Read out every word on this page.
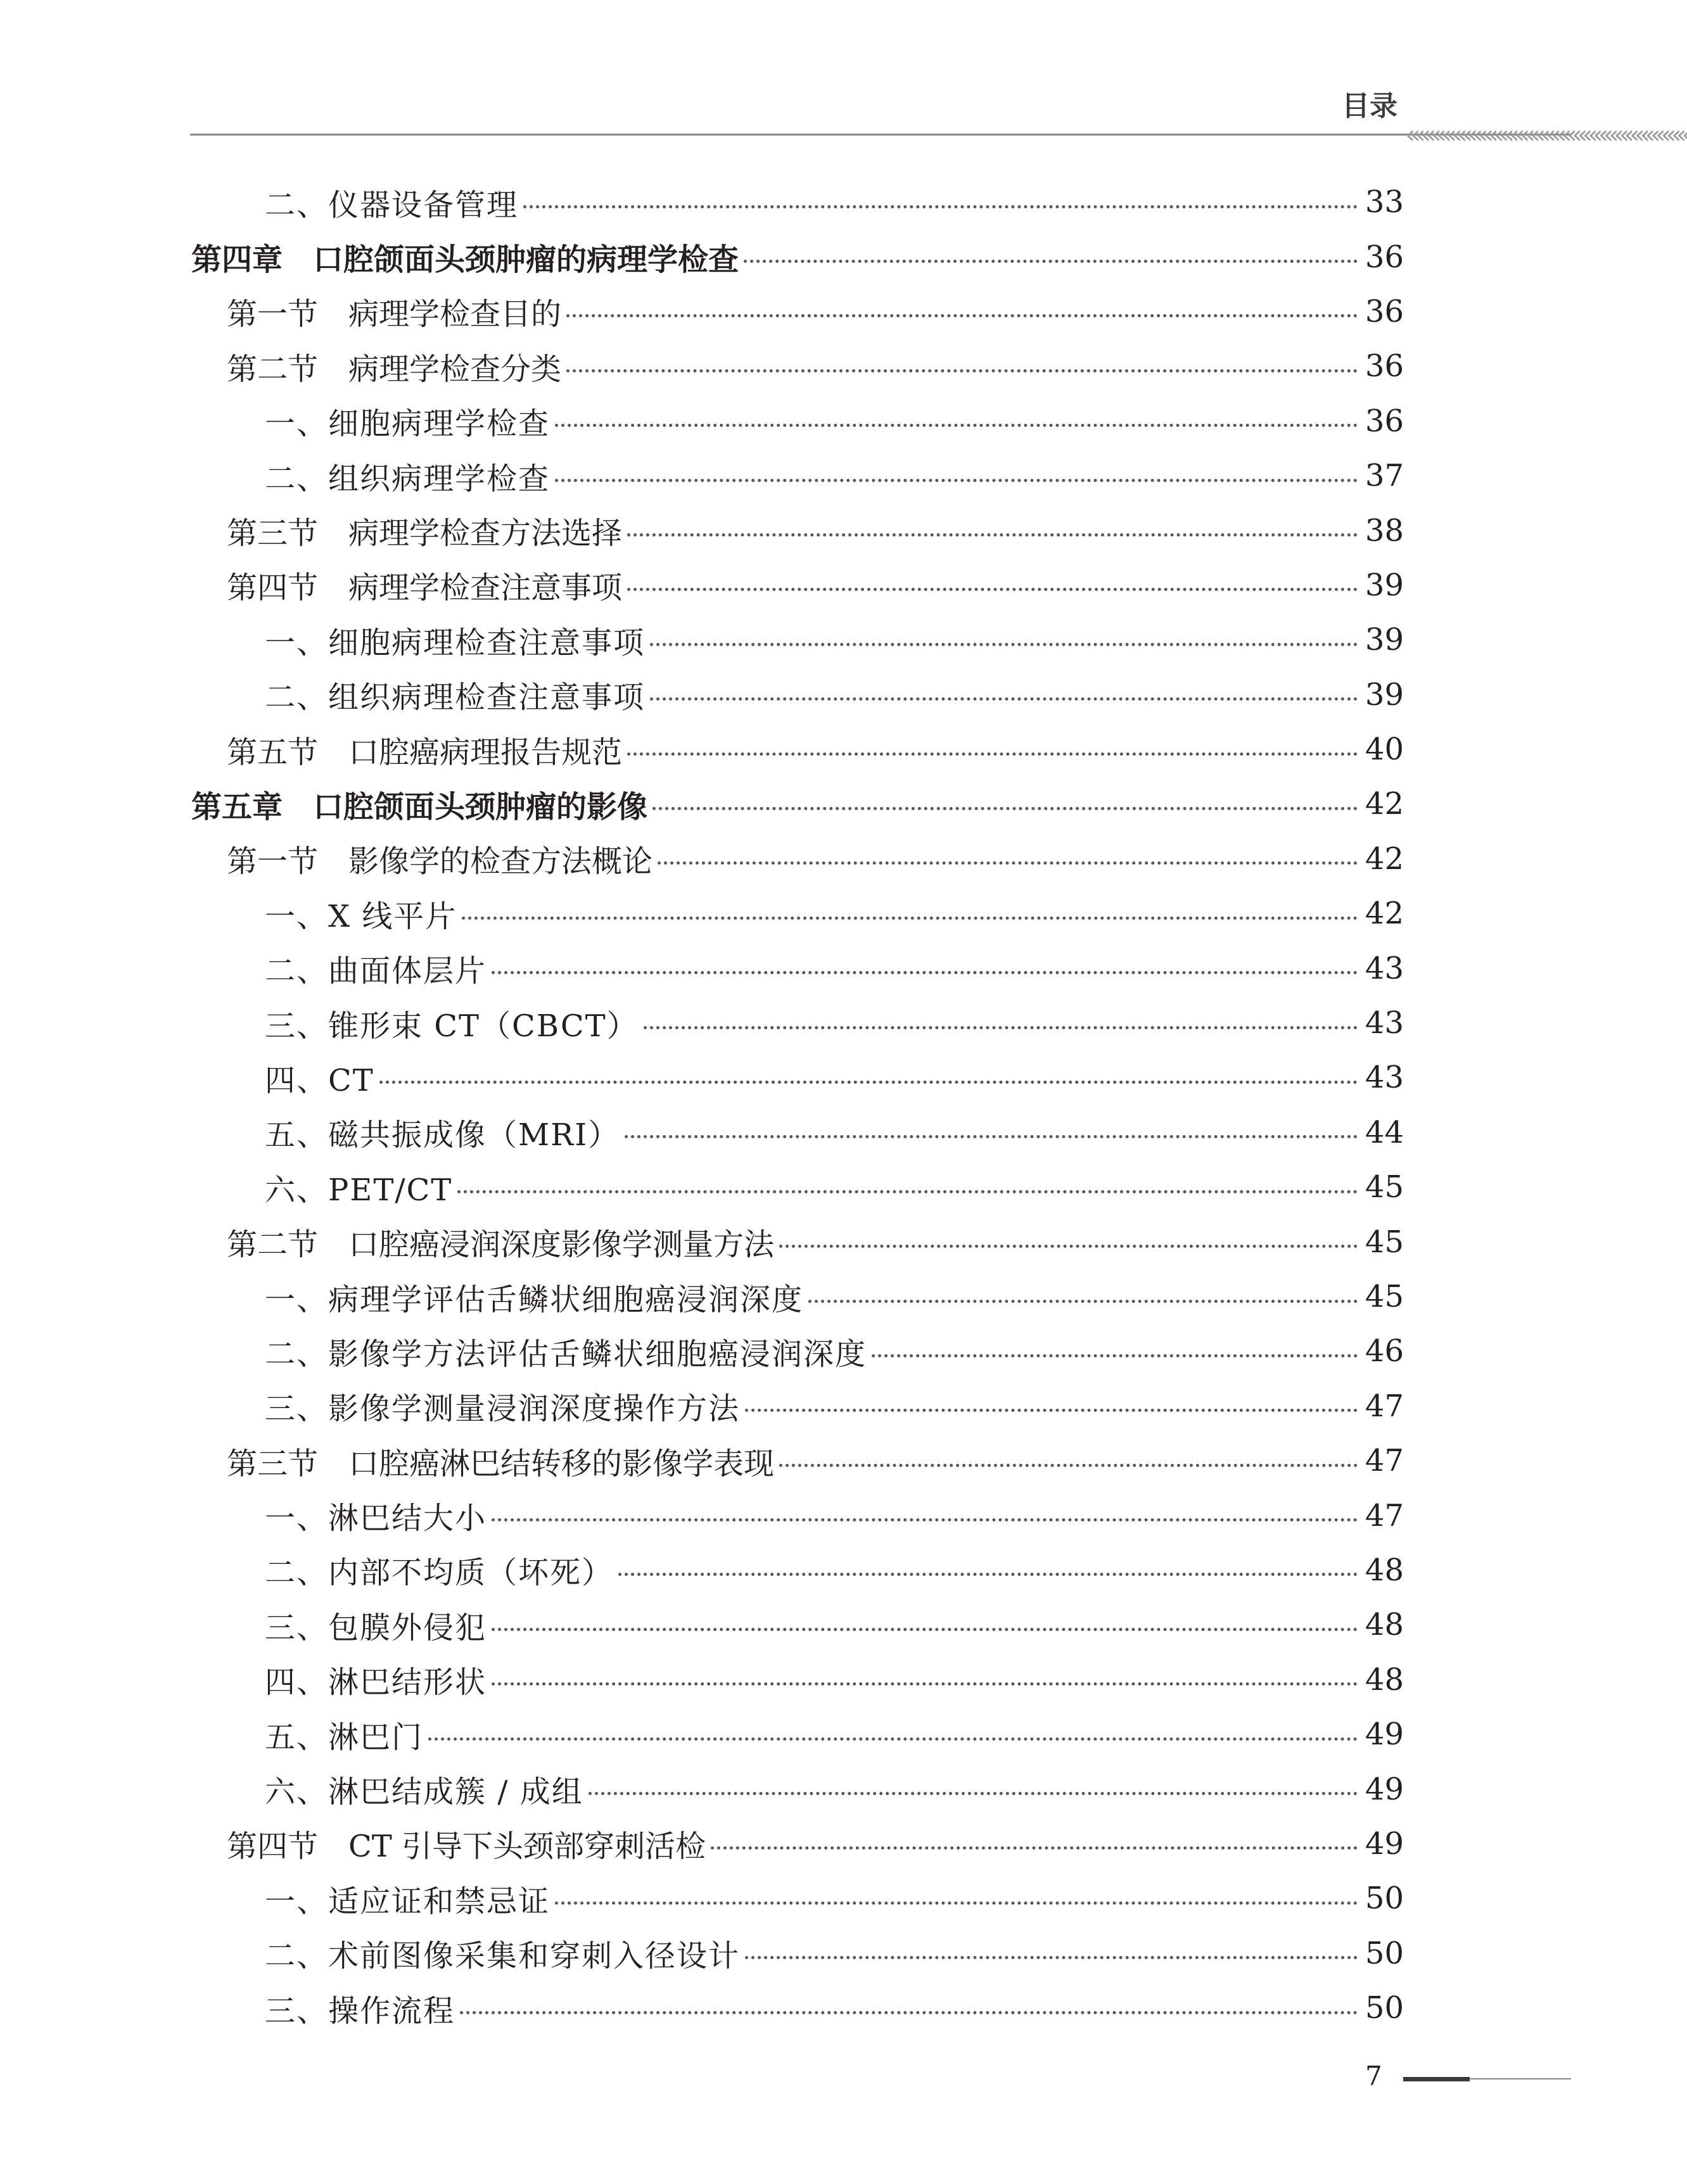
目录
«««««««««««««««««««««««««««
二、仪器设备管理	33
第四章　口腔颌面头颈肿瘤的病理学检查	36
第一节　病理学检查目的	36
第二节　病理学检查分类	36
一、细胞病理学检查	36
二、组织病理学检查	37
第三节　病理学检查方法选择	38
第四节　病理学检查注意事项	39
一、细胞病理检查注意事项	39
二、组织病理检查注意事项	39
第五节　口腔癌病理报告规范	40
第五章　口腔颌面头颈肿瘤的影像	42
第一节　影像学的检查方法概论	42
一、X 线平片	42
二、曲面体层片	43
三、锥形束 CT（CBCT）	43
四、CT	43
五、磁共振成像（MRI）	44
六、PET/CT	45
第二节　口腔癌浸润深度影像学测量方法	45
一、病理学评估舌鳞状细胞癌浸润深度	45
二、影像学方法评估舌鳞状细胞癌浸润深度	46
三、影像学测量浸润深度操作方法	47
第三节　口腔癌淋巴结转移的影像学表现	47
一、淋巴结大小	47
二、内部不均质（坏死）	48
三、包膜外侵犯	48
四、淋巴结形状	48
五、淋巴门	49
六、淋巴结成簇 / 成组	49
第四节　CT 引导下头颈部穿刺活检	49
一、适应证和禁忌证	50
二、术前图像采集和穿刺入径设计	50
三、操作流程	50
7
